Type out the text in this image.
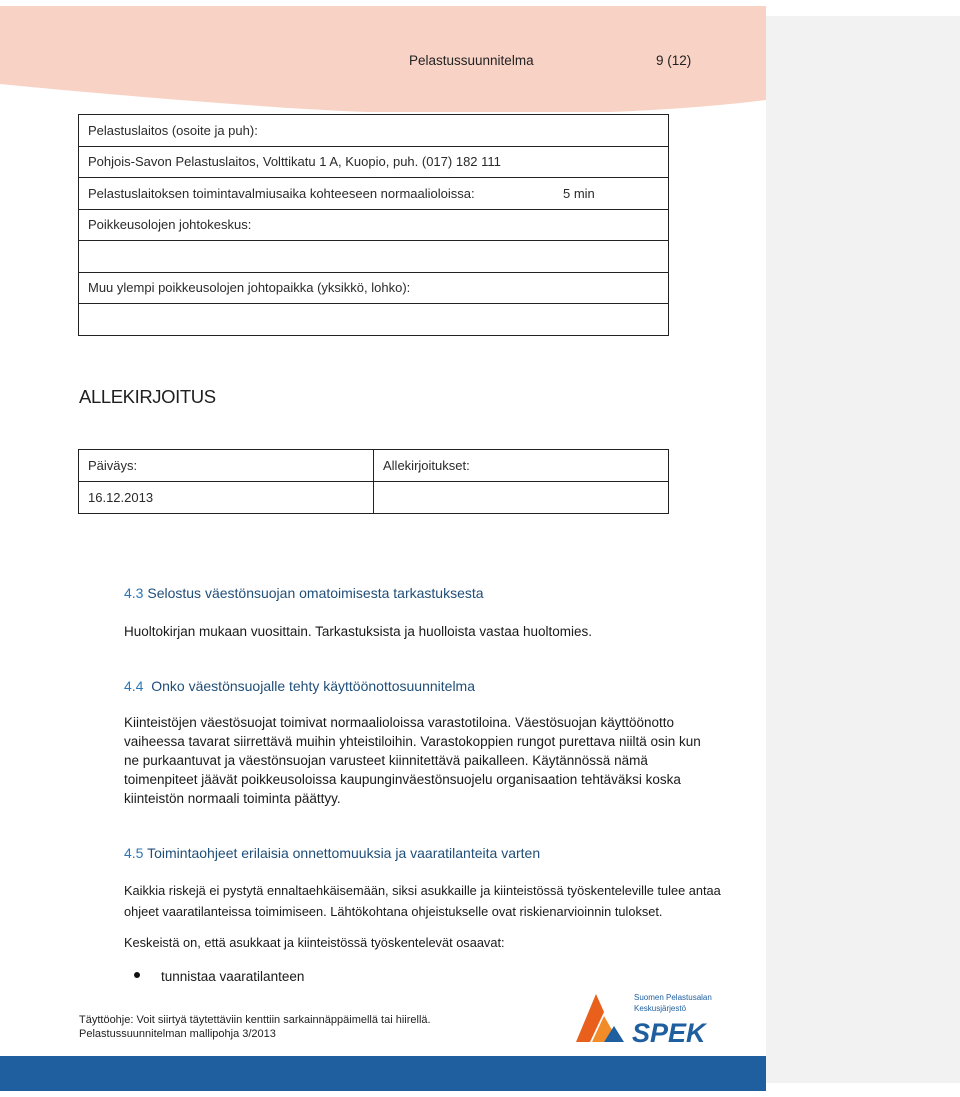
Pelastussuunnitelma	9 (12)
Pelastuslaitos (osoite ja puh):
Pohjois-Savon Pelastuslaitos, Volttikatu 1 A, Kuopio, puh. (017) 182 111

Pelastuslaitoksen toimintavalmiusaika kohteeseen normaalioloissa:	5 min

Poikkeusolojen johtokeskus:

Muu ylempi poikkeusolojen johtopaikka (yksikkö, lohko):

ALLEKIRJOITUS
Päiväys:	Allekirjoitukset:
16.12.2013	
4.3 Selostus väestönsuojan omatoimisesta tarkastuksesta
Huoltokirjan mukaan vuosittain. Tarkastuksista ja huolloista vastaa huoltomies.
4.4 Onko väestönsuojalle tehty käyttöönottosuunnitelma
Kiinteistöjen väestösuojat toimivat normaalioloissa varastotiloina. Väestösuojan käyttöönotto vaiheessa tavarat siirrettävä muihin yhteistiloihin. Varastokoppien rungot purettava niiltä osin kun ne purkaantuvat ja väestönsuojan varusteet kiinnitettävä paikalleen. Käytännössä nämä toimenpiteet jäävät poikkeusoloissa kaupunginväestönsuojelu organisaation tehtäväksi koska kiinteistön normaali toiminta päättyy.
4.5 Toimintaohjeet erilaisia onnettomuuksia ja vaaratilanteita varten
Kaikkia riskejä ei pystytä ennaltaehkäisemään, siksi asukkaille ja kiinteistössä työskenteleville tulee antaa ohjeet vaaratilanteissa toimimiseen. Lähtökohtana ohjeistukselle ovat riskienarvioinnin tulokset.
Keskeistä on, että asukkaat ja kiinteistössä työskentelevät osaavat:
tunnistaa vaaratilanteen
Täyttöohje: Voit siirtyä täytettäviin kenttiin sarkainnäppäimellä tai hiirellä.
Pelastussuunnitelman mallipohja 3/2013
Suomen Pelastusalan
Keskusjärjestö
SPEK
